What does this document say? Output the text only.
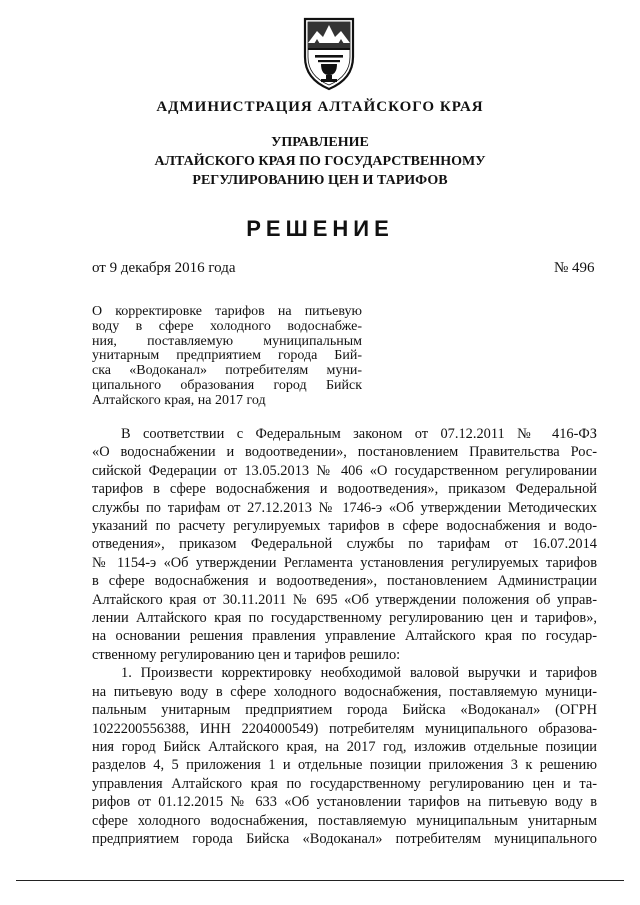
АДМИНИСТРАЦИЯ АЛТАЙСКОГО КРАЯ
УПРАВЛЕНИЕ
АЛТАЙСКОГО КРАЯ ПО ГОСУДАРСТВЕННОМУ
РЕГУЛИРОВАНИЮ ЦЕН И ТАРИФОВ
РЕШЕНИЕ
от 9 декабря 2016 года	№ 496
О корректировке тарифов на питьевую
воду в сфере холодного водоснабже-
ния, поставляемую муниципальным
унитарным предприятием города Бий-
ска «Водоканал» потребителям муни-
ципального образования город Бийск
Алтайского края, на 2017 год
В соответствии с Федеральным законом от 07.12.2011 № 416-ФЗ
«О водоснабжении и водоотведении», постановлением Правительства Рос-
сийской Федерации от 13.05.2013 № 406 «О государственном регулировании
тарифов в сфере водоснабжения и водоотведения», приказом Федеральной
службы по тарифам от 27.12.2013 № 1746-э «Об утверждении Методических
указаний по расчету регулируемых тарифов в сфере водоснабжения и водо-
отведения», приказом Федеральной службы по тарифам от 16.07.2014
№ 1154-э «Об утверждении Регламента установления регулируемых тарифов
в сфере водоснабжения и водоотведения», постановлением Администрации
Алтайского края от 30.11.2011 № 695 «Об утверждении положения об управ-
лении Алтайского края по государственному регулированию цен и тарифов»,
на основании решения правления управление Алтайского края по государ-
ственному регулированию цен и тарифов решило:
1. Произвести корректировку необходимой валовой выручки и тарифов
на питьевую воду в сфере холодного водоснабжения, поставляемую муници-
пальным унитарным предприятием города Бийска «Водоканал» (ОГРН
1022200556388, ИНН 2204000549) потребителям муниципального образова-
ния город Бийск Алтайского края, на 2017 год, изложив отдельные позиции
разделов 4, 5 приложения 1 и отдельные позиции приложения 3 к решению
управления Алтайского края по государственному регулированию цен и та-
рифов от 01.12.2015 № 633 «Об установлении тарифов на питьевую воду в
сфере холодного водоснабжения, поставляемую муниципальным унитарным
предприятием города Бийска «Водоканал» потребителям муниципального
